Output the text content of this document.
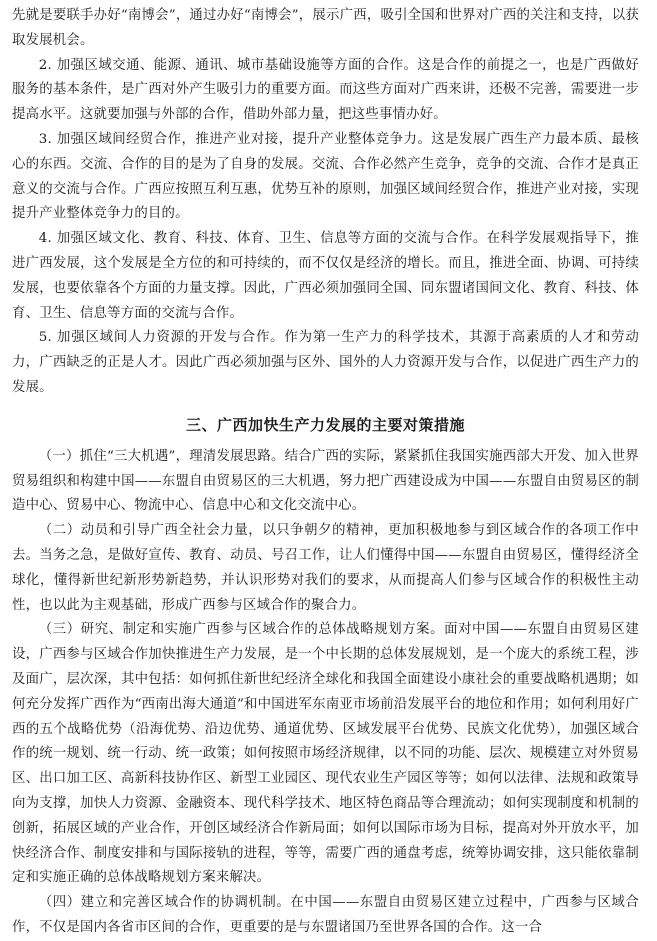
先就是要联手办好“南博会”，通过办好“南博会”，展示广西，吸引全国和世界对广西的关注和支持，以获取发展机会。

2. 加强区域交通、能源、通讯、城市基础设施等方面的合作。这是合作的前提之一，也是广西做好服务的基本条件，是广西对外产生吸引力的重要方面。而这些方面对广西来讲，还极不完善，需要进一步提高水平。这就要加强与外部的合作，借助外部力量，把这些事情办好。

3. 加强区域间经贸合作，推进产业对接，提升产业整体竞争力。这是发展广西生产力最本质、最核心的东西。交流、合作的目的是为了自身的发展。交流、合作必然产生竞争，竞争的交流、合作才是真正意义的交流与合作。广西应按照互利互惠，优势互补的原则，加强区域间经贸合作，推进产业对接，实现提升产业整体竞争力的目的。

4. 加强区域文化、教育、科技、体育、卫生、信息等方面的交流与合作。在科学发展观指导下，推进广西发展，这个发展是全方位的和可持续的，而不仅仅是经济的增长。而且，推进全面、协调、可持续发展，也要依靠各个方面的力量支撑。因此，广西必须加强同全国、同东盟诸国间文化、教育、科技、体育、卫生、信息等方面的交流与合作。

5. 加强区域间人力资源的开发与合作。作为第一生产力的科学技术，其源于高素质的人才和劳动力，广西缺乏的正是人才。因此广西必须加强与区外、国外的人力资源开发与合作，以促进广西生产力的发展。

三、广西加快生产力发展的主要对策措施

（一）抓住“三大机遇”，理清发展思路。结合广西的实际，紧紧抓住我国实施西部大开发、加入世界贸易组织和构建中国——东盟自由贸易区的三大机遇，努力把广西建设成为中国——东盟自由贸易区的制造中心、贸易中心、物流中心、信息中心和文化交流中心。

（二）动员和引导广西全社会力量，以只争朝夕的精神，更加积极地参与到区域合作的各项工作中去。当务之急，是做好宣传、教育、动员、号召工作，让人们懂得中国——东盟自由贸易区，懂得经济全球化，懂得新世纪新形势新趋势，并认识形势对我们的要求，从而提高人们参与区域合作的积极性主动性，也以此为主观基础，形成广西参与区域合作的聚合力。

（三）研究、制定和实施广西参与区域合作的总体战略规划方案。面对中国——东盟自由贸易区建设，广西参与区域合作加快推进生产力发展，是一个中长期的总体发展规划，是一个庞大的系统工程，涉及面广，层次深，其中包括：如何抓住新世纪经济全球化和我国全面建设小康社会的重要战略机遇期；如何充分发挥广西作为“西南出海大通道”和中国进军东南亚市场前沿发展平台的地位和作用；如何利用好广西的五个战略优势（沿海优势、沿边优势、通道优势、区域发展平台优势、民族文化优势），加强区域合作的统一规划、统一行动、统一政策；如何按照市场经济规律，以不同的功能、层次、规模建立对外贸易区、出口加工区、高新科技协作区、新型工业园区、现代农业生产园区等等；如何以法律、法规和政策导向为支撑，加快人力资源、金融资本、现代科学技术、地区特色商品等合理流动；如何实现制度和机制的创新，拓展区域的产业合作，开创区域经济合作新局面；如何以国际市场为目标，提高对外开放水平，加快经济合作、制度安排和与国际接轨的进程，等等，需要广西的通盘考虑，统筹协调安排，这只能依靠制定和实施正确的总体战略规划方案来解决。

（四）建立和完善区域合作的协调机制。在中国——东盟自由贸易区建立过程中，广西参与区域合作，不仅是国内各省市区间的合作，更重要的是与东盟诸国乃至世界各国的合作。这一合
